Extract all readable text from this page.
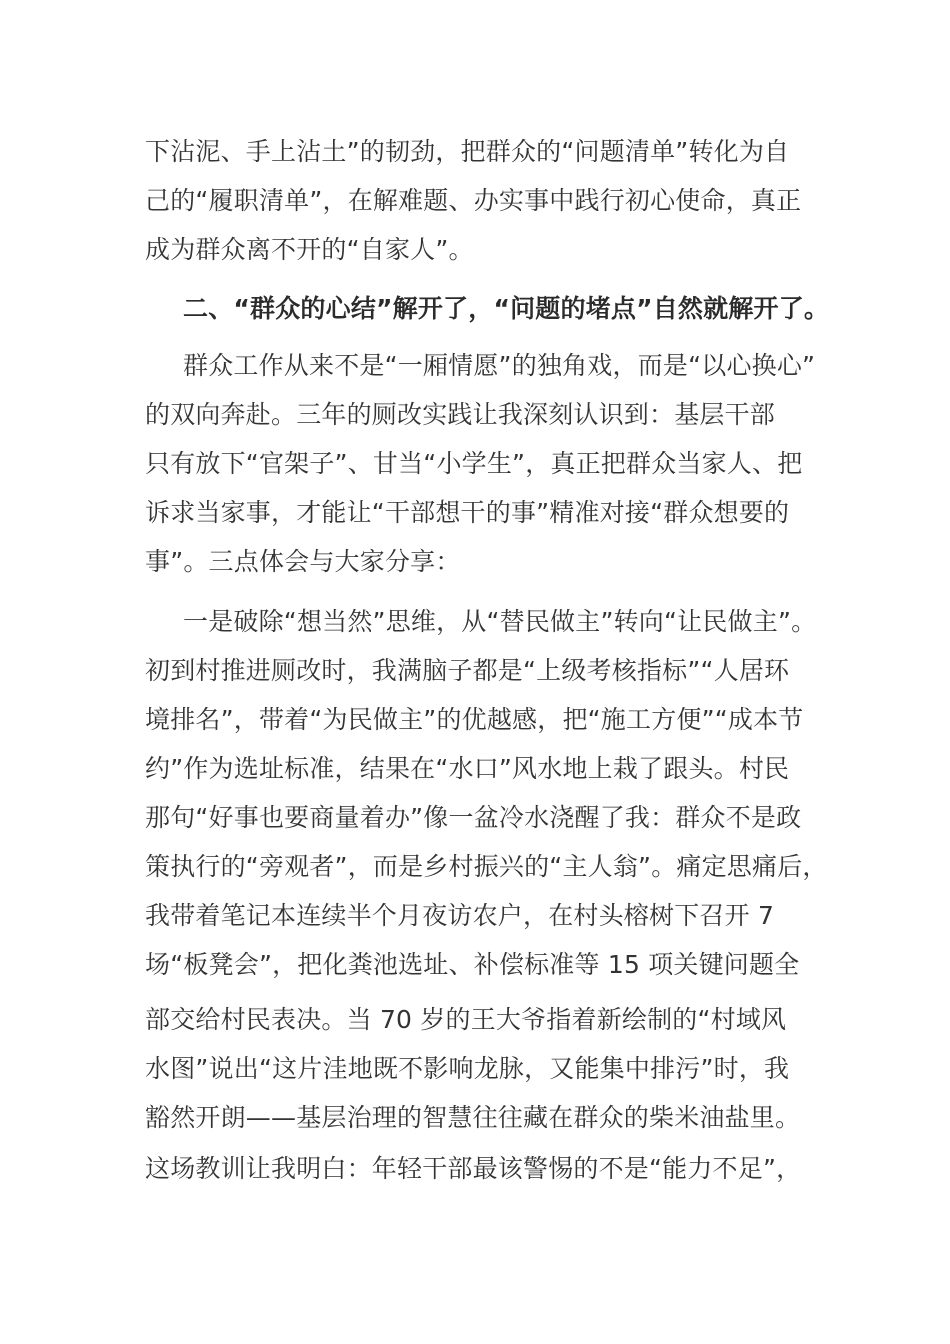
下沾泥、手上沾土”的韧劲，把群众的“问题清单”转化为自
己的“履职清单”，在解难题、办实事中践行初心使命，真正
成为群众离不开的“自家人”。
二、“群众的心结”解开了，“问题的堵点”自然就解开了。
群众工作从来不是“一厢情愿”的独角戏，而是“以心换心”
的双向奔赴。三年的厕改实践让我深刻认识到：基层干部
只有放下“官架子”、甘当“小学生”，真正把群众当家人、把
诉求当家事，才能让“干部想干的事”精准对接“群众想要的
事”。三点体会与大家分享：
一是破除“想当然”思维，从“替民做主”转向“让民做主”。
初到村推进厕改时，我满脑子都是“上级考核指标”“人居环
境排名”，带着“为民做主”的优越感，把“施工方便”“成本节
约”作为选址标准，结果在“水口”风水地上栽了跟头。村民
那句“好事也要商量着办”像一盆冷水浇醒了我：群众不是政
策执行的“旁观者”，而是乡村振兴的“主人翁”。痛定思痛后，
我带着笔记本连续半个月夜访农户，在村头榕树下召开 7
场“板凳会”，把化粪池选址、补偿标准等 15 项关键问题全
部交给村民表决。当 70 岁的王大爷指着新绘制的“村域风
水图”说出“这片洼地既不影响龙脉，又能集中排污”时，我
豁然开朗——基层治理的智慧往往藏在群众的柴米油盐里。
这场教训让我明白：年轻干部最该警惕的不是“能力不足”，
